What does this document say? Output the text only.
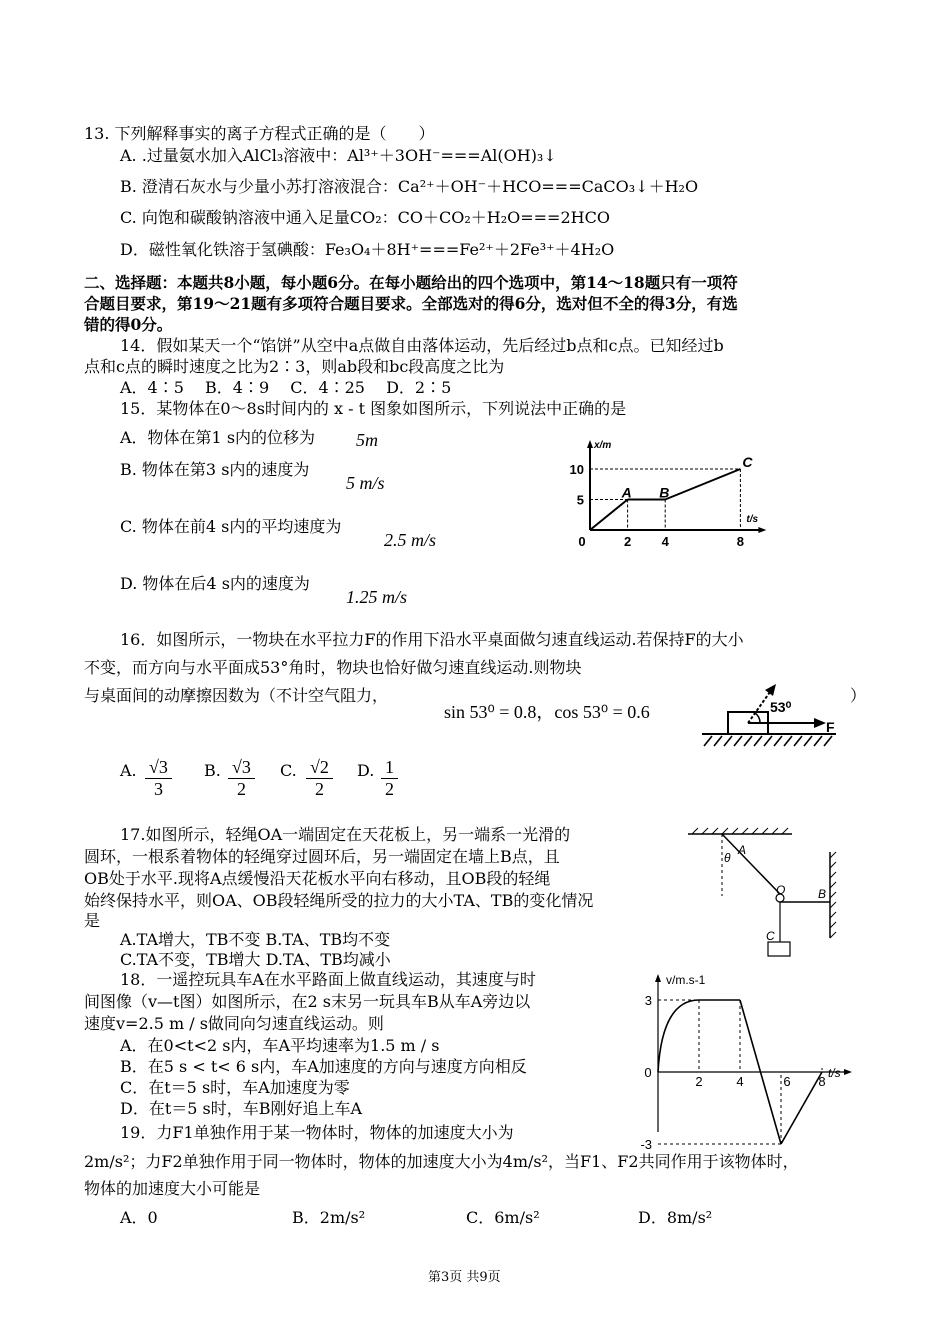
13. 下列解释事实的离子方程式正确的是（　　）
A. .过量氨水加入AlCl₃溶液中：Al³⁺＋3OH⁻===Al(OH)₃↓
B. 澄清石灰水与少量小苏打溶液混合：Ca²⁺＋OH⁻＋HCO===CaCO₃↓＋H₂O
C. 向饱和碳酸钠溶液中通入足量CO₂：CO＋CO₂＋H₂O===2HCO
D．磁性氧化铁溶于氢碘酸：Fe₃O₄＋8H⁺===Fe²⁺＋2Fe³⁺＋4H₂O
二、选择题：本题共8小题，每小题6分。在每小题给出的四个选项中，第14～18题只有一项符
合题目要求，第19～21题有多项符合题目要求。全部选对的得6分，选对但不全的得3分，有选
错的得0分。
14．假如某天一个“馅饼”从空中a点做自由落体运动，先后经过b点和c点。已知经过b
点和c点的瞬时速度之比为2∶3，则ab段和bc段高度之比为
A．4∶5　 B．4∶9　 C．4∶25　 D．2∶5
15．某物体在0～8s时间内的 x - t 图象如图所示，下列说法中正确的是
A．物体在第1 s内的位移为 5m
B. 物体在第3 s内的速度为
5 m/s
C. 物体在前4 s内的平均速度为
2.5 m/s
D. 物体在后4 s内的速度为
1.25 m/s
x/m
t/s
0	2 4	8
5
10
A B
C
16．如图所示，一物块在水平拉力F的作用下沿水平桌面做匀速直线运动.若保持F的大小
不变，而方向与水平面成53°角时，物块也恰好做匀速直线运动.则物块
与桌面间的动摩擦因数为（不计空气阻力，
sin 53⁰ = 0.8，cos 53⁰ = 0.6
）
53⁰
F
A. $\frac{√3}{3} B$. $\frac{√3}{2} C$. $\frac{√2}{2} D$. $\frac{1}{2}$
17.如图所示，轻绳OA一端固定在天花板上，另一端系一光滑的
圆环，一根系着物体的轻绳穿过圆环后，另一端固定在墙上B点，且
OB处于水平.现将A点缓慢沿天花板水平向右移动，且OB段的轻绳
始终保持水平，则OA、OB段轻绳所受的拉力的大小TA、TB的变化情况
是
A.TA增大，TB不变 B.TA、TB均不变
C.TA不变，TB增大 D.TA、TB均减小
A
θ
O	B
C
18．一遥控玩具车A在水平路面上做直线运动，其速度与时
间图像（v—t图）如图所示，在2 s末另一玩具车B从车A旁边以
速度v=2.5 m / s做同向匀速直线运动。则
A．在0<t<2 s内，车A平均速率为1.5 m / s
B．在5 s < t< 6 s内，车A加速度的方向与速度方向相反
C．在t＝5 s时，车A加速度为零
D．在t＝5 s时，车B刚好追上车A
v/m.s-1
t/s
0
3
-3
2	4	6 8
19．力F1单独作用于某一物体时，物体的加速度大小为
2m/s²；力F2单独作用于同一物体时，物体的加速度大小为4m/s²，当F1、F2共同作用于该物体时，
物体的加速度大小可能是
A．0	B．2m/s²	C．6m/s²	D．8m/s²
第3页 共9页
